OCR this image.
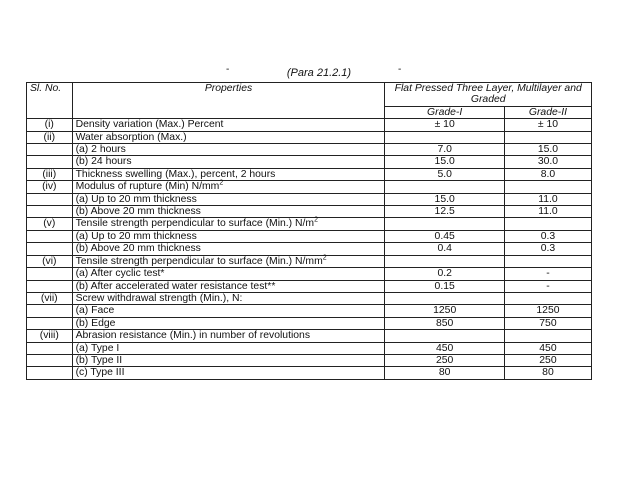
-	-
(Para 21.2.1)
Sl. No.	Properties	Flat Pressed Three Layer, Multilayer and Graded	
		Grade-I	Grade-II
(i)	Density variation (Max.) Percent	± 10	± 10
(ii)	Water absorption (Max.)		
	(a) 2 hours	7.0	15.0
	(b) 24 hours	15.0	30.0
(iii)	Thickness swelling (Max.), percent, 2 hours	5.0	8.0
(iv)	Modulus of rupture (Min) $N/mm^2$		
	(a) Up to 20 mm thickness	15.0	11.0
	(b) Above 20 mm thickness	12.5	11.0
(v)	Tensile strength perpendicular to surface (Min.) $N/m^2$		
	(a) Up to 20 mm thickness	0.45	0.3
	(b) Above 20 mm thickness	0.4	0.3
(vi)	Tensile strength perpendicular to surface (Min.) $N/mm^2$		
	(a) After cyclic test*	0.2	-
	(b) After accelerated water resistance test**	0.15	-
(vii)	Screw withdrawal strength (Min.), N:		
	(a) Face	1250	1250
	(b) Edge	850	750
(viii)	Abrasion resistance (Min.) in number of revolutions		
	(a) Type I	450	450
	(b) Type II	250	250
	(c) Type III	80	80
